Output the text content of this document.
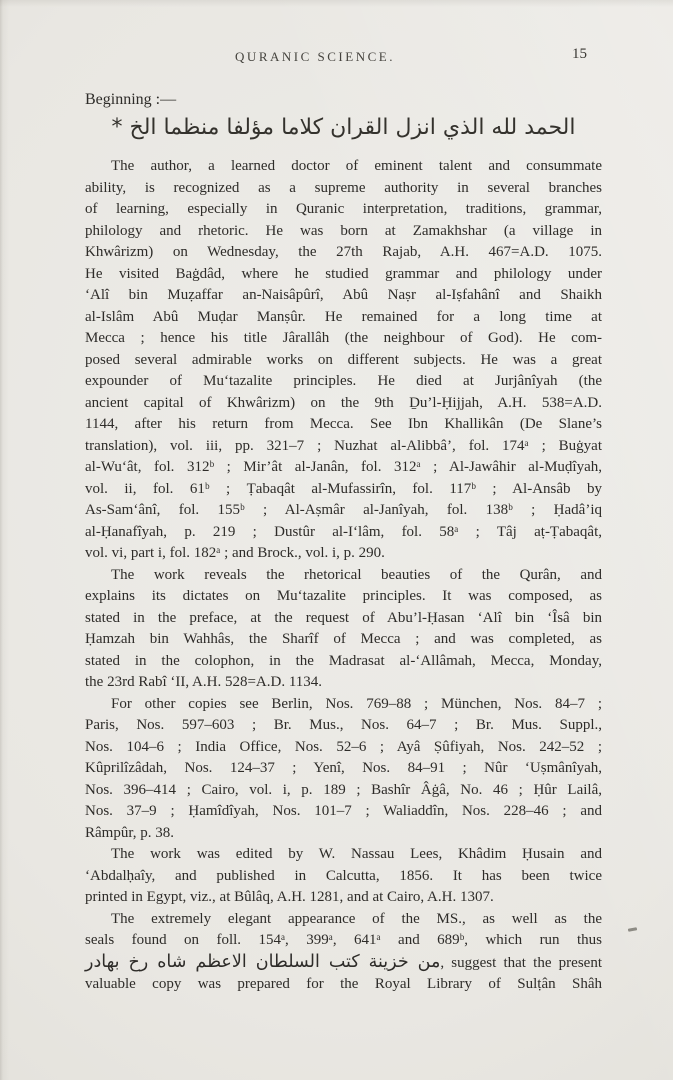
QURANIC SCIENCE.	15
Beginning :—
الحمد لله الذي انزل القران كلاما مؤلفا منظما الخ *
The author, a learned doctor of eminent talent and consummate
ability, is recognized as a supreme authority in several branches
of learning, especially in Quranic interpretation, traditions, grammar,
philology and rhetoric. He was born at Zamakhshar (a village in
Khwârizm) on Wednesday, the 27th Rajab, A.H. 467=A.D. 1075.
He visited Baġdâd, where he studied grammar and philology under
‘Alî bin Muẓaffar an-Naisâpûrî, Abû Naṣr al-Iṣfahânî and Shaikh
al-Islâm Abû Muḍar Manṣûr. He remained for a long time at
Mecca ; hence his title Jârallâh (the neighbour of God). He com-
posed several admirable works on different subjects. He was a great
expounder of Mu‘tazalite principles. He died at Jurjânîyah (the
ancient capital of Khwârizm) on the 9th Ḏu’l-Ḥijjah, A.H. 538=A.D.
1144, after his return from Mecca. See Ibn Khallikân (De Slane’s
translation), vol. iii, pp. 321–7 ; Nuzhat al-Alibbâ’, fol. 174ᵃ ; Buġyat
al-Wu‘ât, fol. 312ᵇ ; Mir’ât al-Janân, fol. 312ᵃ ; Al-Jawâhir al-Muḍîyah,
vol. ii, fol. 61ᵇ ; Ṭabaqât al-Mufassirîn, fol. 117ᵇ ; Al-Ansâb by
As-Sam‘ânî, fol. 155ᵇ ; Al-Aṣmâr al-Janîyah, fol. 138ᵇ ; Ḥadâ’iq
al-Ḥanafîyah, p. 219 ; Dustûr al-I‘lâm, fol. 58ᵃ ; Tâj aṭ-Ṭabaqât,
vol. vi, part i, fol. 182ᵃ ; and Brock., vol. i, p. 290.
The work reveals the rhetorical beauties of the Qurân, and
explains its dictates on Mu‘tazalite principles. It was composed, as
stated in the preface, at the request of Abu’l-Ḥasan ‘Alî bin ‘Îsâ bin
Ḥamzah bin Wahhâs, the Sharîf of Mecca ; and was completed, as
stated in the colophon, in the Madrasat al-‘Allâmah, Mecca, Monday,
the 23rd Rabî ‘II, A.H. 528=A.D. 1134.
For other copies see Berlin, Nos. 769–88 ; München, Nos. 84–7 ;
Paris, Nos. 597–603 ; Br. Mus., Nos. 64–7 ; Br. Mus. Suppl.,
Nos. 104–6 ; India Office, Nos. 52–6 ; Ayâ Ṣûfiyah, Nos. 242–52 ;
Kûprilîzâdah, Nos. 124–37 ; Yenî, Nos. 84–91 ; Nûr ‘Uṣmânîyah,
Nos. 396–414 ; Cairo, vol. i, p. 189 ; Bashîr Âġâ, No. 46 ; Ḥûr Lailâ,
Nos. 37–9 ; Ḥamîdîyah, Nos. 101–7 ; Waliaddîn, Nos. 228–46 ; and
Râmpûr, p. 38.
The work was edited by W. Nassau Lees, Khâdim Ḥusain and
‘Abdalḥaîy, and published in Calcutta, 1856. It has been twice
printed in Egypt, viz., at Bûlâq, A.H. 1281, and at Cairo, A.H. 1307.
The extremely elegant appearance of the MS., as well as the
seals found on foll. 154ᵃ, 399ᵃ, 641ᵃ and 689ᵇ, which run thus
من خزينة كتب السلطان الاعظم شاه رخ بهادر, suggest that the present
valuable copy was prepared for the Royal Library of Sulṭân Shâh
